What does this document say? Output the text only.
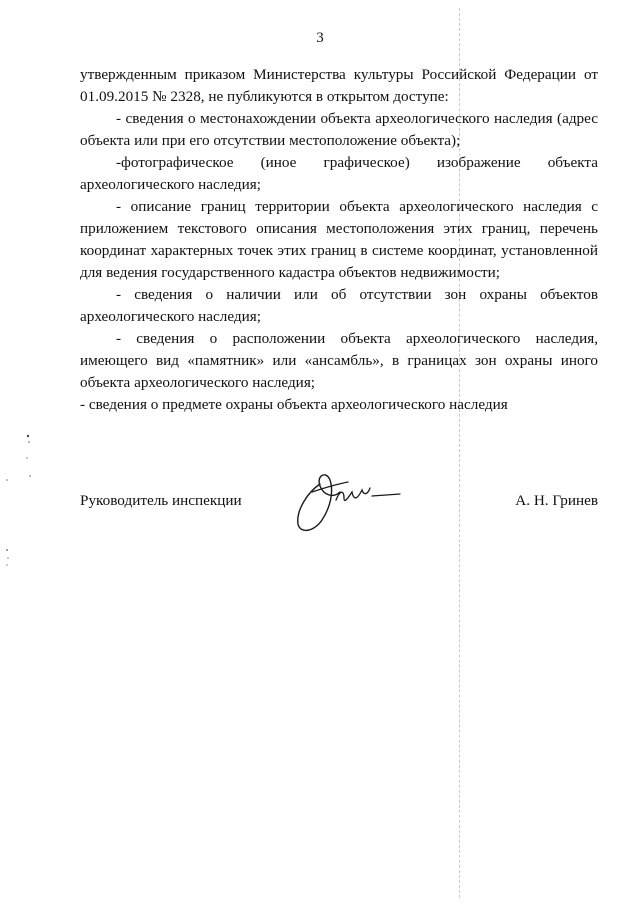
3

утвержденным приказом Министерства культуры Российской Федерации от 01.09.2015 № 2328, не публикуются в открытом доступе:

- сведения о местонахождении объекта археологического наследия (адрес объекта или при его отсутствии местоположение объекта);

-фотографическое (иное графическое) изображение объекта археологического наследия;

- описание границ территории объекта археологического наследия с приложением текстового описания местоположения этих границ, перечень координат характерных точек этих границ в системе координат, установленной для ведения государственного кадастра объектов недвижимости;

- сведения о наличии или об отсутствии зон охраны объектов археологического наследия;

- сведения о расположении объекта археологического наследия, имеющего вид «памятник» или «ансамбль», в границах зон охраны иного объекта археологического наследия;

- сведения о предмете охраны объекта археологического наследия

Руководитель инспекции	А. Н. Гринев
